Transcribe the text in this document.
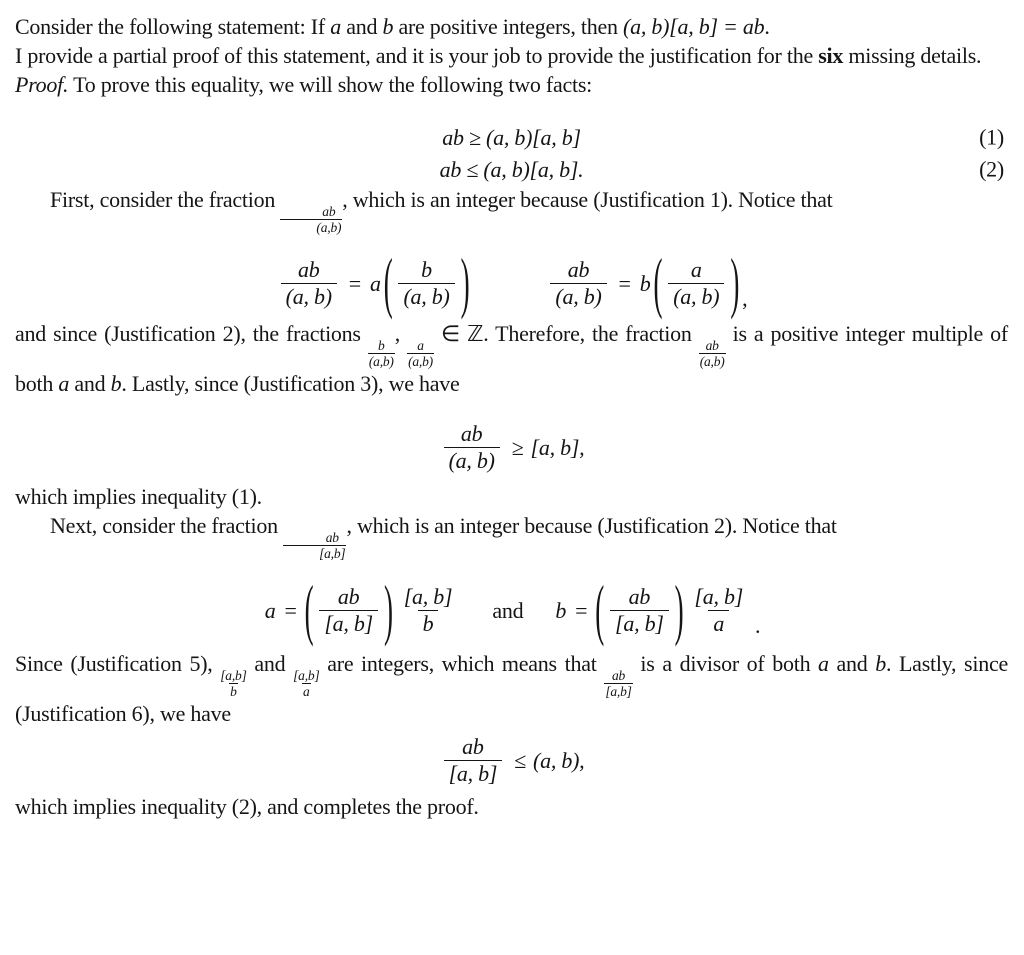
Consider the following statement: If a and b are positive integers, then (a, b)[a, b] = ab.

I provide a partial proof of this statement, and it is your job to provide the justification for the six missing details.

Proof. To prove this equality, we will show the following two facts:

ab ≥ (a, b)[a, b]	(1)
ab ≤ (a, b)[a, b].	(2)

First, consider the fraction
$\frac{ab}{(a,b)}$
, which is an integer because (Justification 1). Notice that

$\frac{ab}{(a, b)} = a$ ( $\frac{b}{(a, b)}$ )	$\frac{ab}{(a, b)} = b$ ( $\frac{a}{(a, b)}$ ) ,

and since (Justification 2), the fractions
$\frac{b}{(a,b)}$
,
$\frac{a}{(a,b)}$
∈ ℤ. Therefore, the fraction
$\frac{ab}{(a,b)}$
is a positive integer multiple of both a and b. Lastly, since (Justification 3), we have

$\frac{ab}{(a, b)} \ge [a$, b],

which implies inequality (1).

Next, consider the fraction
$\frac{ab}{[a,b]}$
, which is an integer because (Justification 2). Notice that

a = ( $\frac{ab}{[a, b]}$ ) $\frac{[a, b]}{b}$ and b = ( $\frac{ab}{[a, b]}$ ) $\frac{[a, b]}{a}$ .

Since (Justification 5),
$\frac{[a,b]}{b}$
and
$\frac{[a,b]}{a}$
are integers, which means that
$\frac{ab}{[a,b]}$
is a divisor of both a and b. Lastly, since (Justification 6), we have

$\frac{ab}{[a, b]} \le (a$, b),

which implies inequality (2), and completes the proof.
